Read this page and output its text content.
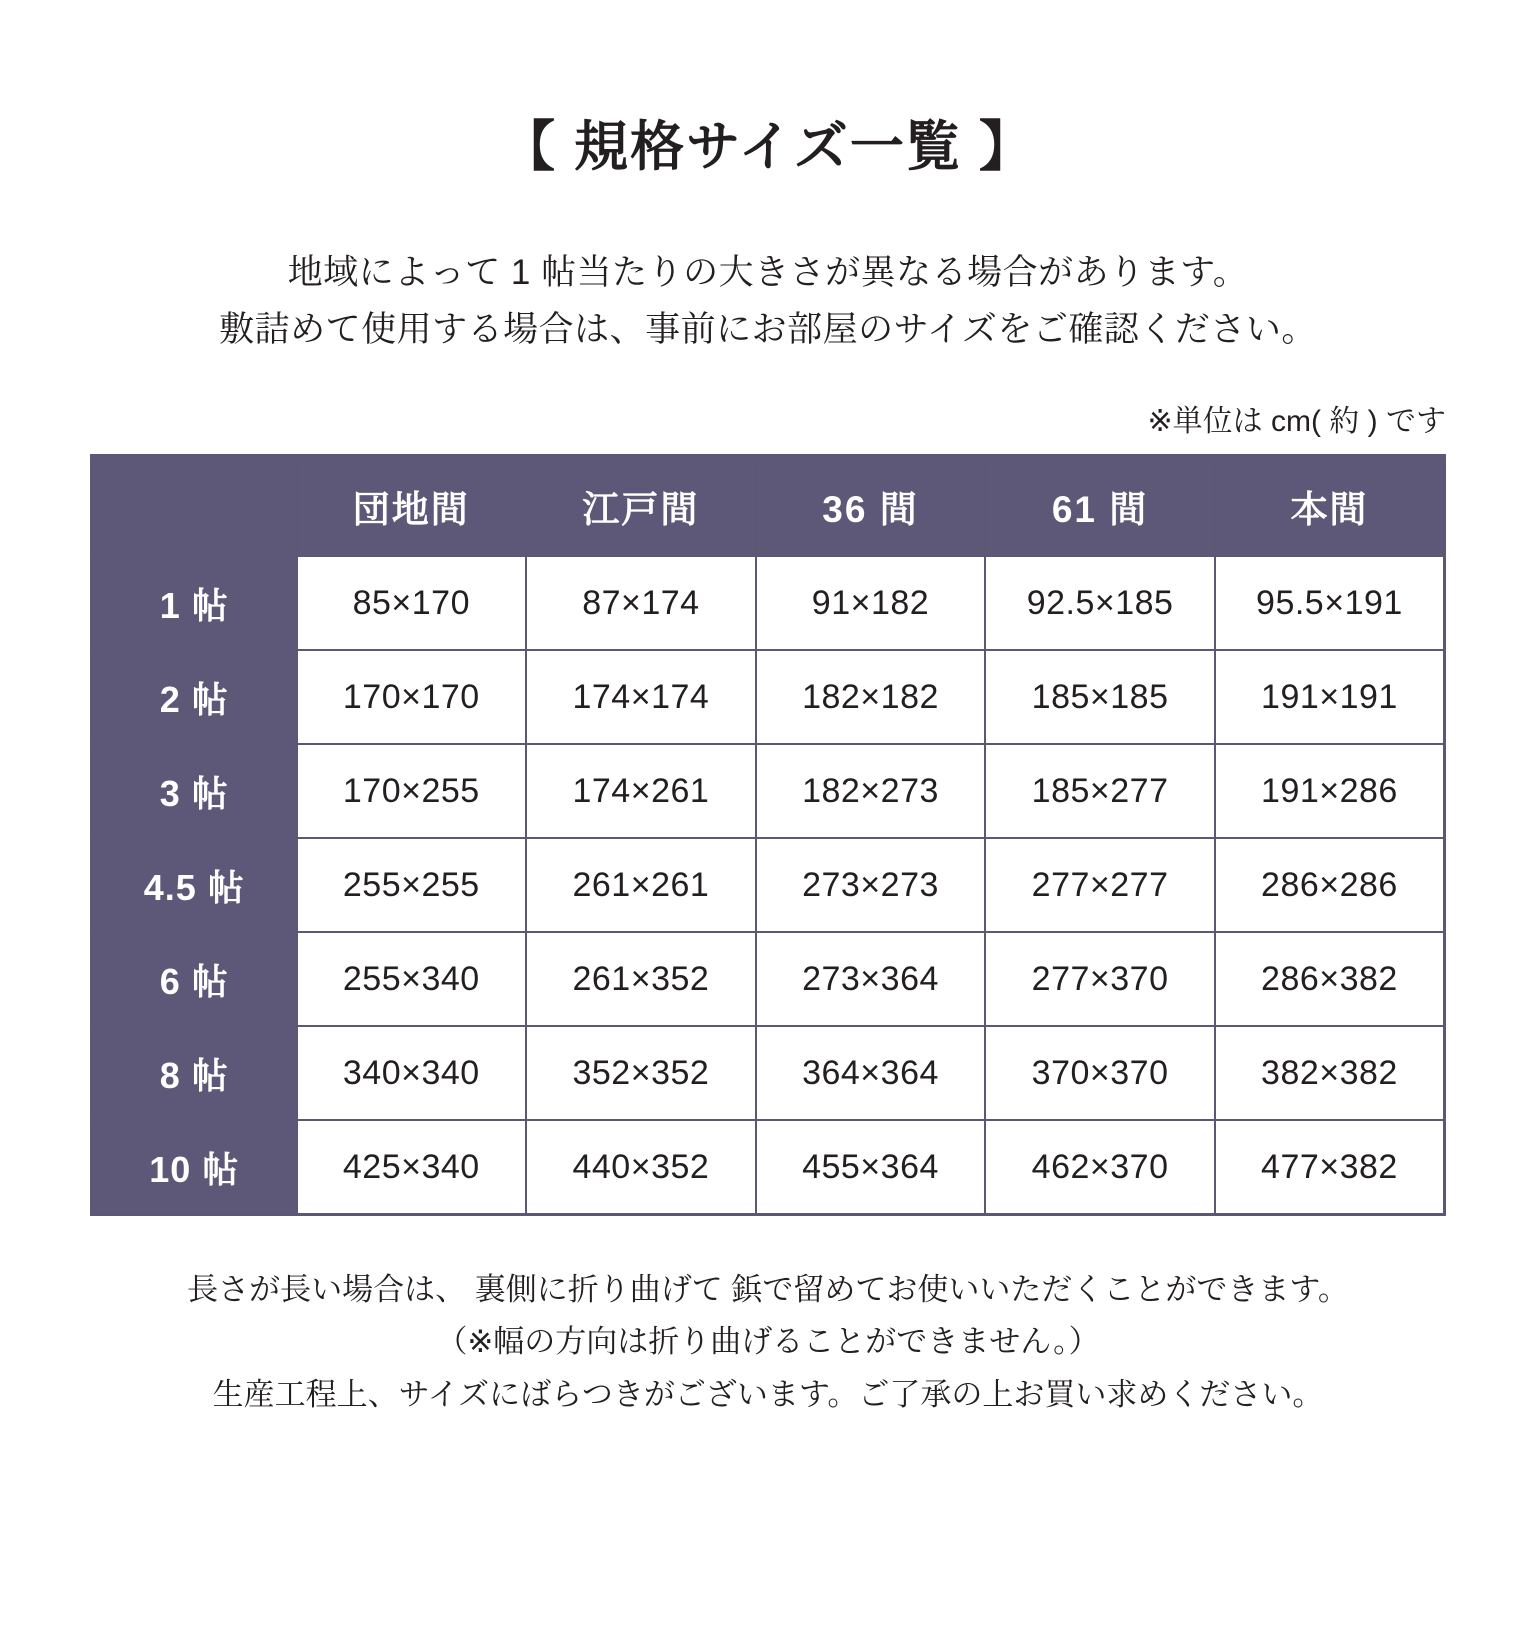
【 規格サイズ一覧 】
地域によって 1 帖当たりの大きさが異なる場合があります。
敷詰めて使用する場合は、事前にお部屋のサイズをご確認ください。
※単位は cm( 約 ) です
	団地間	江戸間	36 間	61 間	本間
1 帖	85×170	87×174	91×182	92.5×185	95.5×191
2 帖	170×170	174×174	182×182	185×185	191×191
3 帖	170×255	174×261	182×273	185×277	191×286
4.5 帖	255×255	261×261	273×273	277×277	286×286
6 帖	255×340	261×352	273×364	277×370	286×382
8 帖	340×340	352×352	364×364	370×370	382×382
10 帖	425×340	440×352	455×364	462×370	477×382
長さが長い場合は、 裏側に折り曲げて 鋲で留めてお使いいただくことができます。
（※幅の方向は折り曲げることができません。）
生産工程上、サイズにばらつきがございます。ご了承の上お買い求めください。
